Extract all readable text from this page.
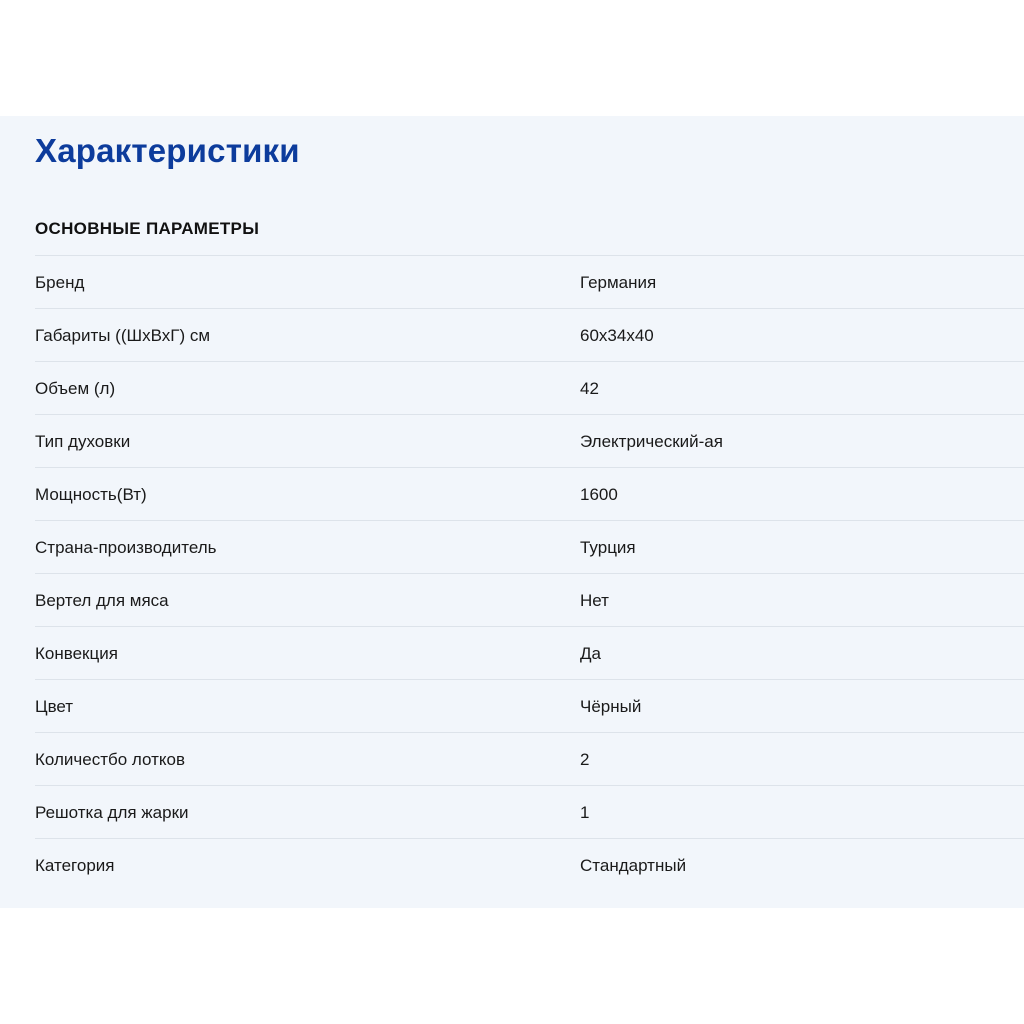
Характеристики
ОСНОВНЫЕ ПАРАМЕТРЫ
Бренд	Германия
Габариты ((ШхВхГ) см	60x34x40
Объем (л)	42
Тип духовки	Электрический-ая
Мощность(Вт)	1600
Страна-производитель	Турция
Вертел для мяса	Нет
Конвекция	Да
Цвет	Чёрный
Количестбо лотков	2
Решотка для жарки	1
Категория	Стандартный
